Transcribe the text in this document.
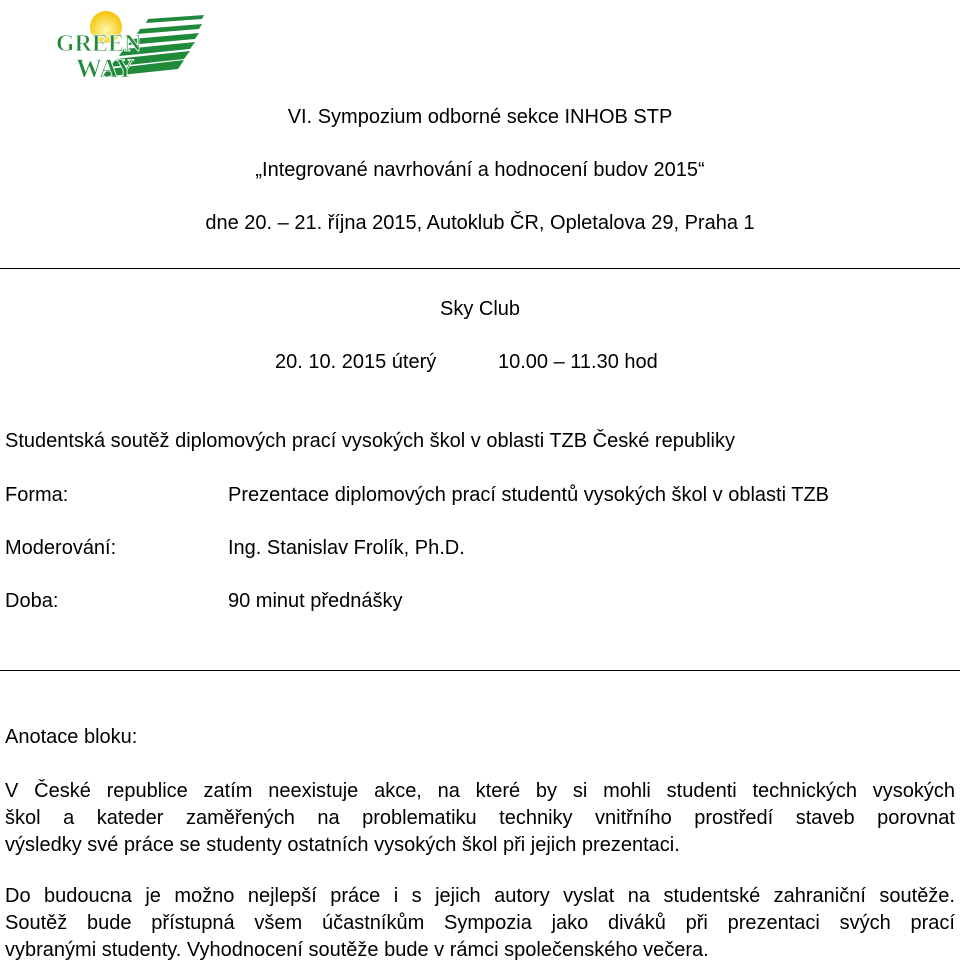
GREEN
WAY
VI. Sympozium odborné sekce INHOB STP
„Integrované navrhování a hodnocení budov 2015“
dne 20. – 21. října 2015, Autoklub ČR, Opletalova 29, Praha 1
Sky Club
20. 10. 2015 úterý	10.00 – 11.30 hod
Studentská soutěž diplomových prací vysokých škol v oblasti TZB České republiky
Forma:	Prezentace diplomových prací studentů vysokých škol v oblasti TZB
Moderování:	Ing. Stanislav Frolík, Ph.D.
Doba:	90 minut přednášky
Anotace bloku:
V České republice zatím neexistuje akce, na které by si mohli studenti technických vysokých
škol a kateder zaměřených na problematiku techniky vnitřního prostředí staveb porovnat
výsledky své práce se studenty ostatních vysokých škol při jejich prezentaci.
Do budoucna je možno nejlepší práce i s jejich autory vyslat na studentské zahraniční soutěže.
Soutěž bude přístupná všem účastníkům Sympozia jako diváků při prezentaci svých prací
vybranými studenty. Vyhodnocení soutěže bude v rámci společenského večera.
